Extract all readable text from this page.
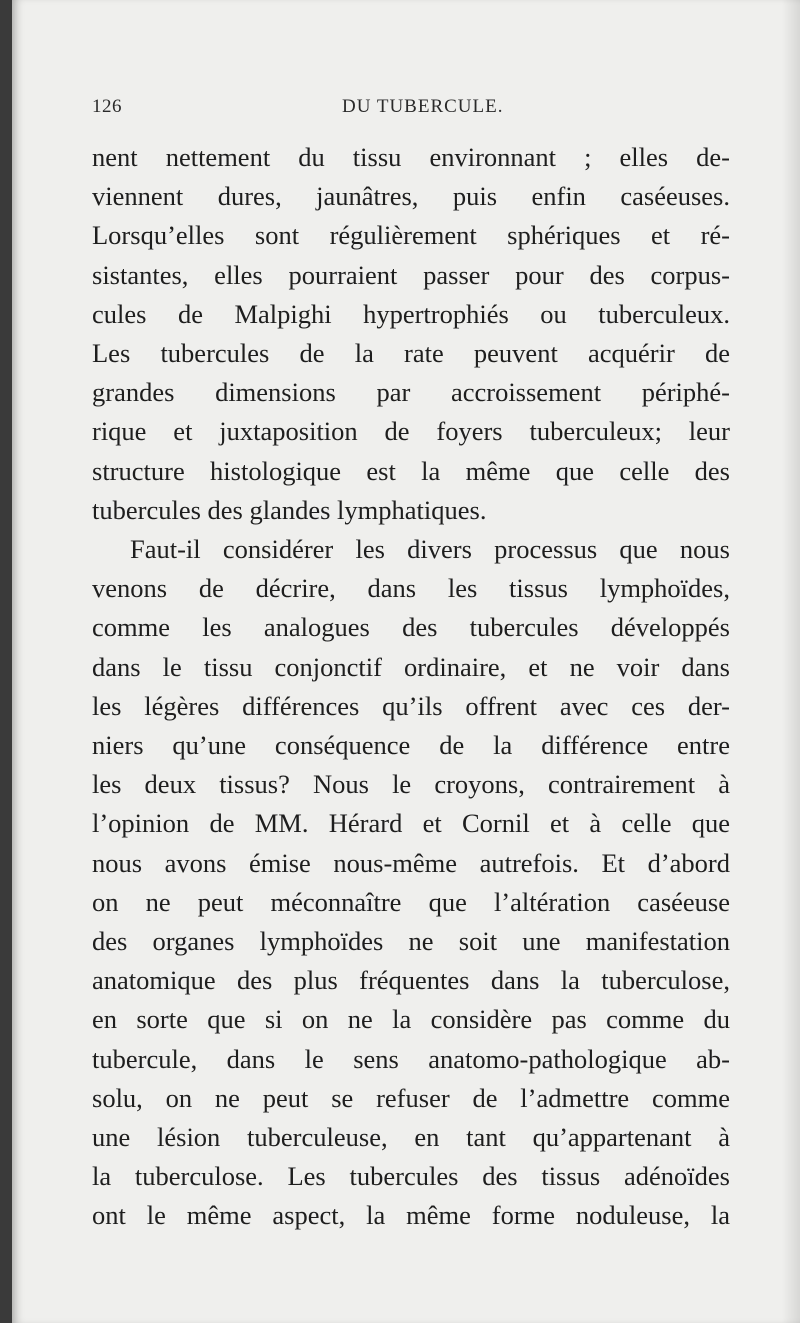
126	DU TUBERCULE.
nent nettement du tissu environnant ; elles de-
viennent dures, jaunâtres, puis enfin caséeuses.
Lorsqu’elles sont régulièrement sphériques et ré-
sistantes, elles pourraient passer pour des corpus-
cules de Malpighi hypertrophiés ou tuberculeux.
Les tubercules de la rate peuvent acquérir de
grandes dimensions par accroissement périphé-
rique et juxtaposition de foyers tuberculeux; leur
structure histologique est la même que celle des
tubercules des glandes lymphatiques.
Faut-il considérer les divers processus que nous
venons de décrire, dans les tissus lymphoïdes,
comme les analogues des tubercules développés
dans le tissu conjonctif ordinaire, et ne voir dans
les légères différences qu’ils offrent avec ces der-
niers qu’une conséquence de la différence entre
les deux tissus? Nous le croyons, contrairement à
l’opinion de MM. Hérard et Cornil et à celle que
nous avons émise nous-même autrefois. Et d’abord
on ne peut méconnaître que l’altération caséeuse
des organes lymphoïdes ne soit une manifestation
anatomique des plus fréquentes dans la tuberculose,
en sorte que si on ne la considère pas comme du
tubercule, dans le sens anatomo-pathologique ab-
solu, on ne peut se refuser de l’admettre comme
une lésion tuberculeuse, en tant qu’appartenant à
la tuberculose. Les tubercules des tissus adénoïdes
ont le même aspect, la même forme noduleuse, la
